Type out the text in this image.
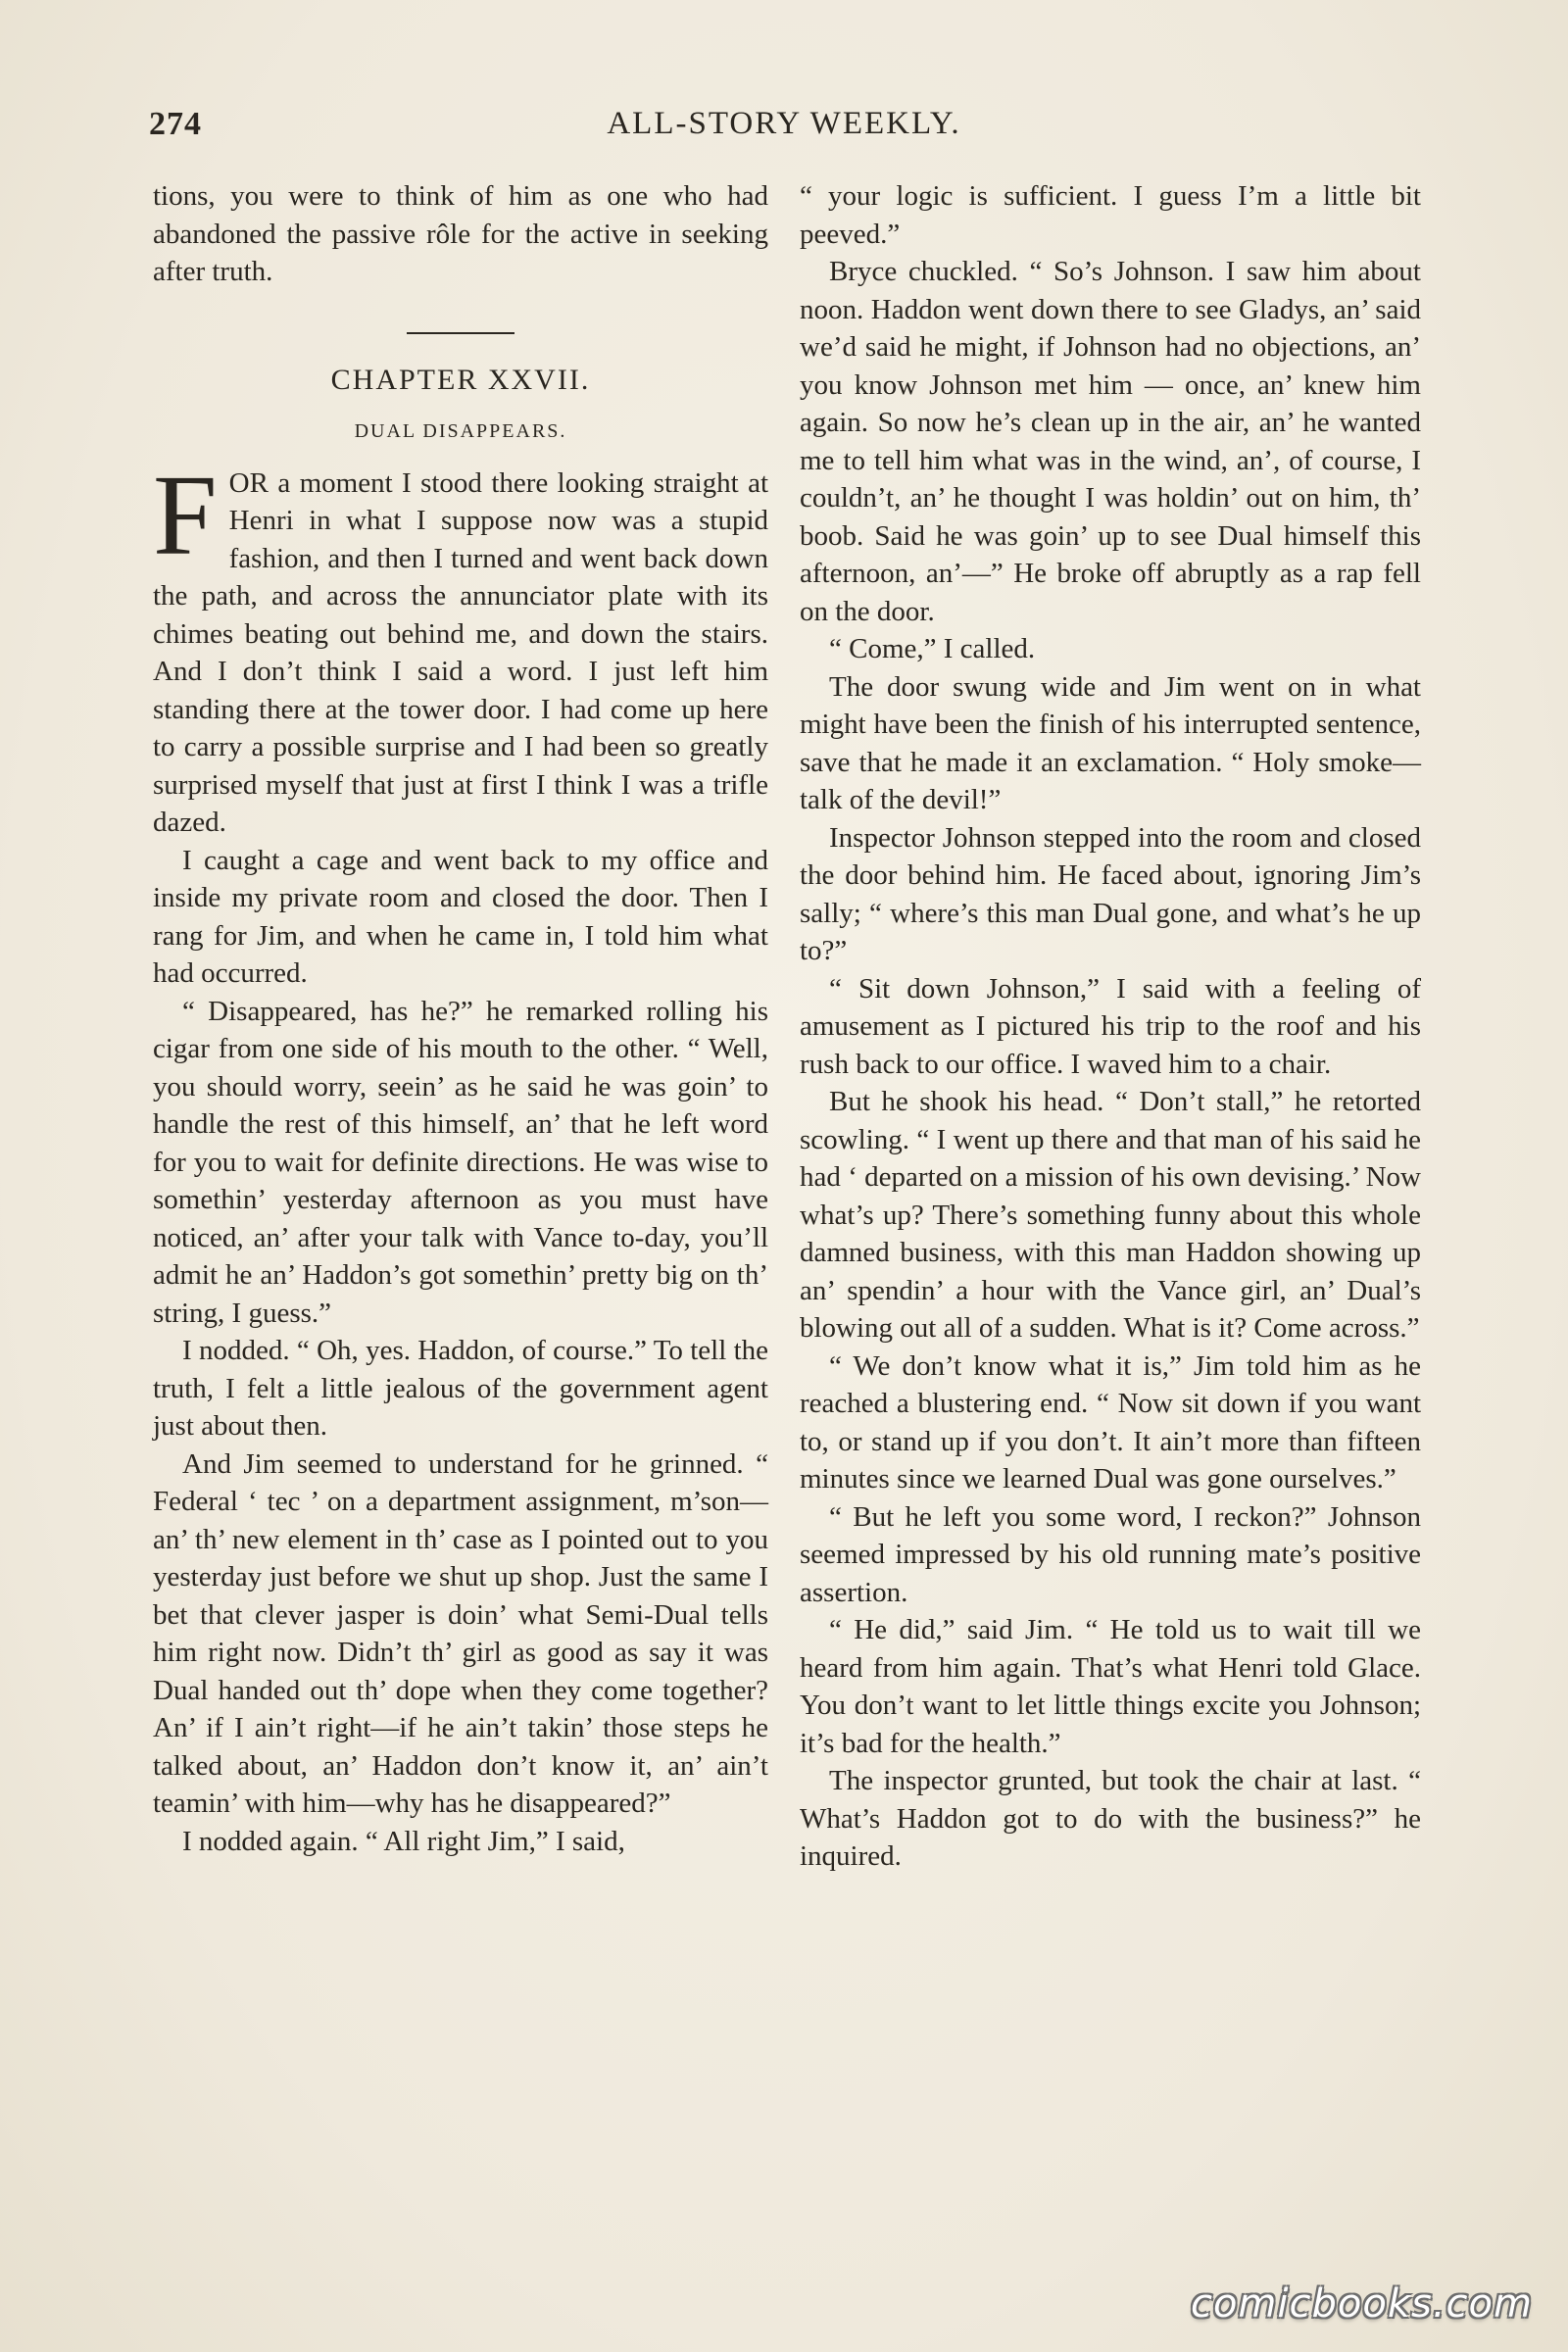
274	ALL-STORY WEEKLY.

tions, you were to think of him as one who had abandoned the passive rôle for the active in seeking after truth.

CHAPTER XXVII.
DUAL DISAPPEARS.

FOR a moment I stood there looking straight at Henri in what I suppose now was a stupid fashion, and then I turned and went back down the path, and across the annunciator plate with its chimes beating out behind me, and down the stairs. And I don’t think I said a word. I just left him standing there at the tower door. I had come up here to carry a possible surprise and I had been so greatly surprised myself that just at first I think I was a trifle dazed.

I caught a cage and went back to my office and inside my private room and closed the door. Then I rang for Jim, and when he came in, I told him what had occurred.

“ Disappeared, has he?” he remarked rolling his cigar from one side of his mouth to the other. “ Well, you should worry, seein’ as he said he was goin’ to handle the rest of this himself, an’ that he left word for you to wait for definite directions. He was wise to somethin’ yesterday afternoon as you must have noticed, an’ after your talk with Vance to-day, you’ll admit he an’ Haddon’s got somethin’ pretty big on th’ string, I guess.”

I nodded. “ Oh, yes. Haddon, of course.” To tell the truth, I felt a little jealous of the government agent just about then.

And Jim seemed to understand for he grinned. “ Federal ‘ tec ’ on a department assignment, m’son—an’ th’ new element in th’ case as I pointed out to you yesterday just before we shut up shop. Just the same I bet that clever jasper is doin’ what Semi-Dual tells him right now. Didn’t th’ girl as good as say it was Dual handed out th’ dope when they come together? An’ if I ain’t right—if he ain’t takin’ those steps he talked about, an’ Haddon don’t know it, an’ ain’t teamin’ with him—why has he disappeared?”

I nodded again. “ All right Jim,” I said,

“ your logic is sufficient. I guess I’m a little bit peeved.”

Bryce chuckled. “ So’s Johnson. I saw him about noon. Haddon went down there to see Gladys, an’ said we’d said he might, if Johnson had no objections, an’ you know Johnson met him — once, an’ knew him again. So now he’s clean up in the air, an’ he wanted me to tell him what was in the wind, an’, of course, I couldn’t, an’ he thought I was holdin’ out on him, th’ boob. Said he was goin’ up to see Dual himself this afternoon, an’—” He broke off abruptly as a rap fell on the door.

“ Come,” I called.

The door swung wide and Jim went on in what might have been the finish of his interrupted sentence, save that he made it an exclamation. “ Holy smoke—talk of the devil!”

Inspector Johnson stepped into the room and closed the door behind him. He faced about, ignoring Jim’s sally; “ where’s this man Dual gone, and what’s he up to?”

“ Sit down Johnson,” I said with a feeling of amusement as I pictured his trip to the roof and his rush back to our office. I waved him to a chair.

But he shook his head. “ Don’t stall,” he retorted scowling. “ I went up there and that man of his said he had ‘ departed on a mission of his own devising.’ Now what’s up? There’s something funny about this whole damned business, with this man Haddon showing up an’ spendin’ a hour with the Vance girl, an’ Dual’s blowing out all of a sudden. What is it? Come across.”

“ We don’t know what it is,” Jim told him as he reached a blustering end. “ Now sit down if you want to, or stand up if you don’t. It ain’t more than fifteen minutes since we learned Dual was gone ourselves.”

“ But he left you some word, I reckon?” Johnson seemed impressed by his old running mate’s positive assertion.

“ He did,” said Jim. “ He told us to wait till we heard from him again. That’s what Henri told Glace. You don’t want to let little things excite you Johnson; it’s bad for the health.”

The inspector grunted, but took the chair at last. “ What’s Haddon got to do with the business?” he inquired.

comicbooks.com
